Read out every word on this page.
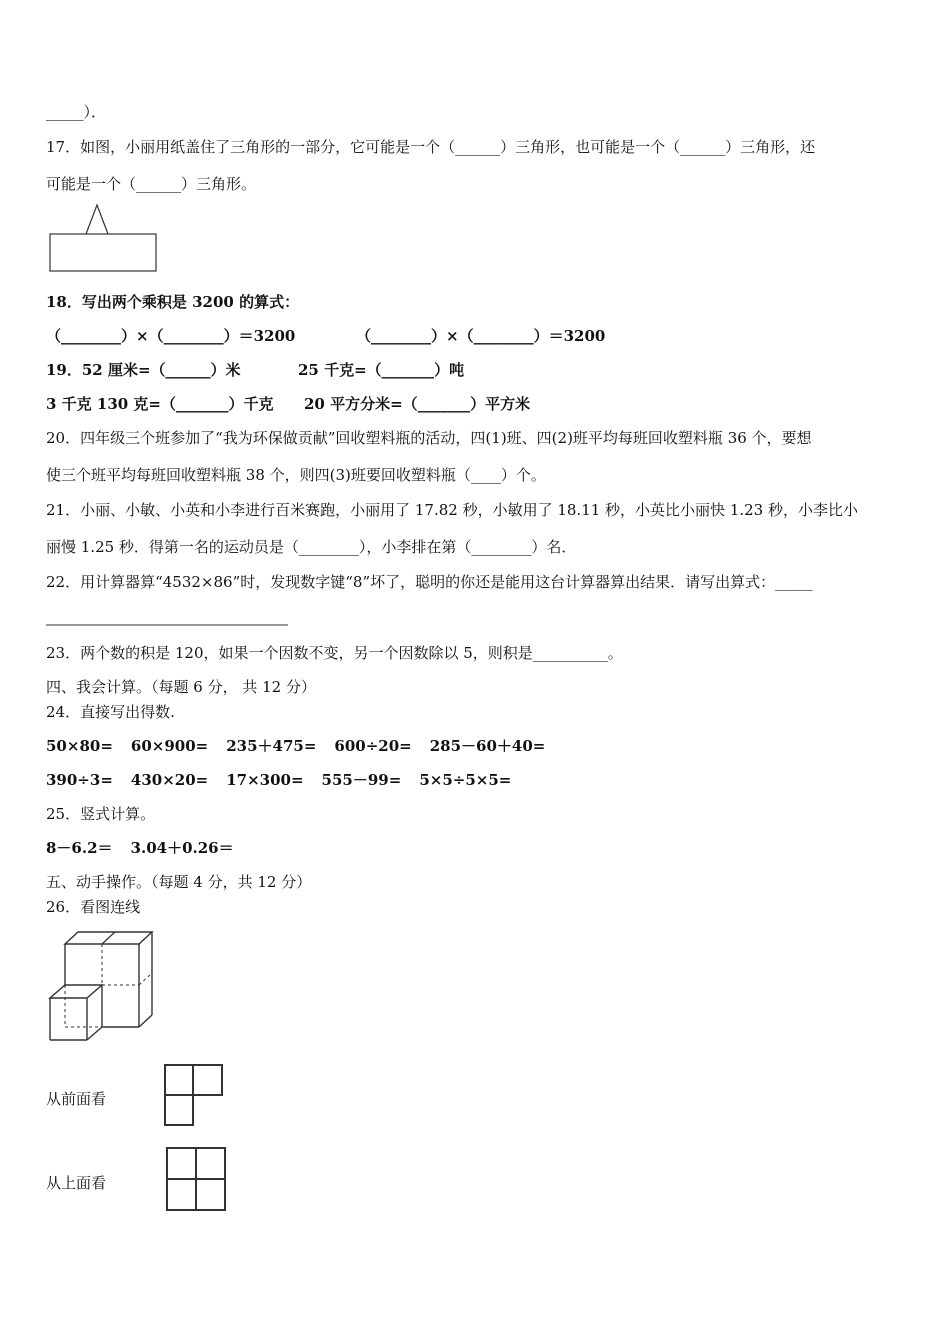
_____）．
17．如图，小丽用纸盖住了三角形的一部分，它可能是一个（______）三角形，也可能是一个（______）三角形，还
可能是一个（______）三角形。
18．写出两个乘积是 3200 的算式：
（________）×（________）＝3200	（________）×（________）＝3200
19．52 厘米=（______）米	25 千克=（_______）吨
3 千克 130 克=（_______）千克 20 平方分米=（_______）平方米
20．四年级三个班参加了“我为环保做贡献”回收塑料瓶的活动，四(1)班、四(2)班平均每班回收塑料瓶 36 个，要想
使三个班平均每班回收塑料瓶 38 个，则四(3)班要回收塑料瓶（____）个。
21．小丽、小敏、小英和小李进行百米赛跑，小丽用了 17.82 秒，小敏用了 18.11 秒，小英比小丽快 1.23 秒，小李比小
丽慢 1.25 秒．得第一名的运动员是（________），小李排在第（________）名．
22．用计算器算“4532×86”时，发现数字键“8”坏了，聪明的你还是能用这台计算器算出结果．请写出算式：_____
23．两个数的积是 120，如果一个因数不变，另一个因数除以 5，则积是__________。
四、我会计算。（每题 6 分， 共 12 分）
24．直接写出得数.
50×80= 60×900= 235＋475= 600÷20= 285－60＋40=
390÷3= 430×20= 17×300= 555－99= 5×5÷5×5=
25．竖式计算。
8－6.2＝ 3.04＋0.26＝
五、动手操作。（每题 4 分，共 12 分）
26．看图连线
从前面看
从上面看
